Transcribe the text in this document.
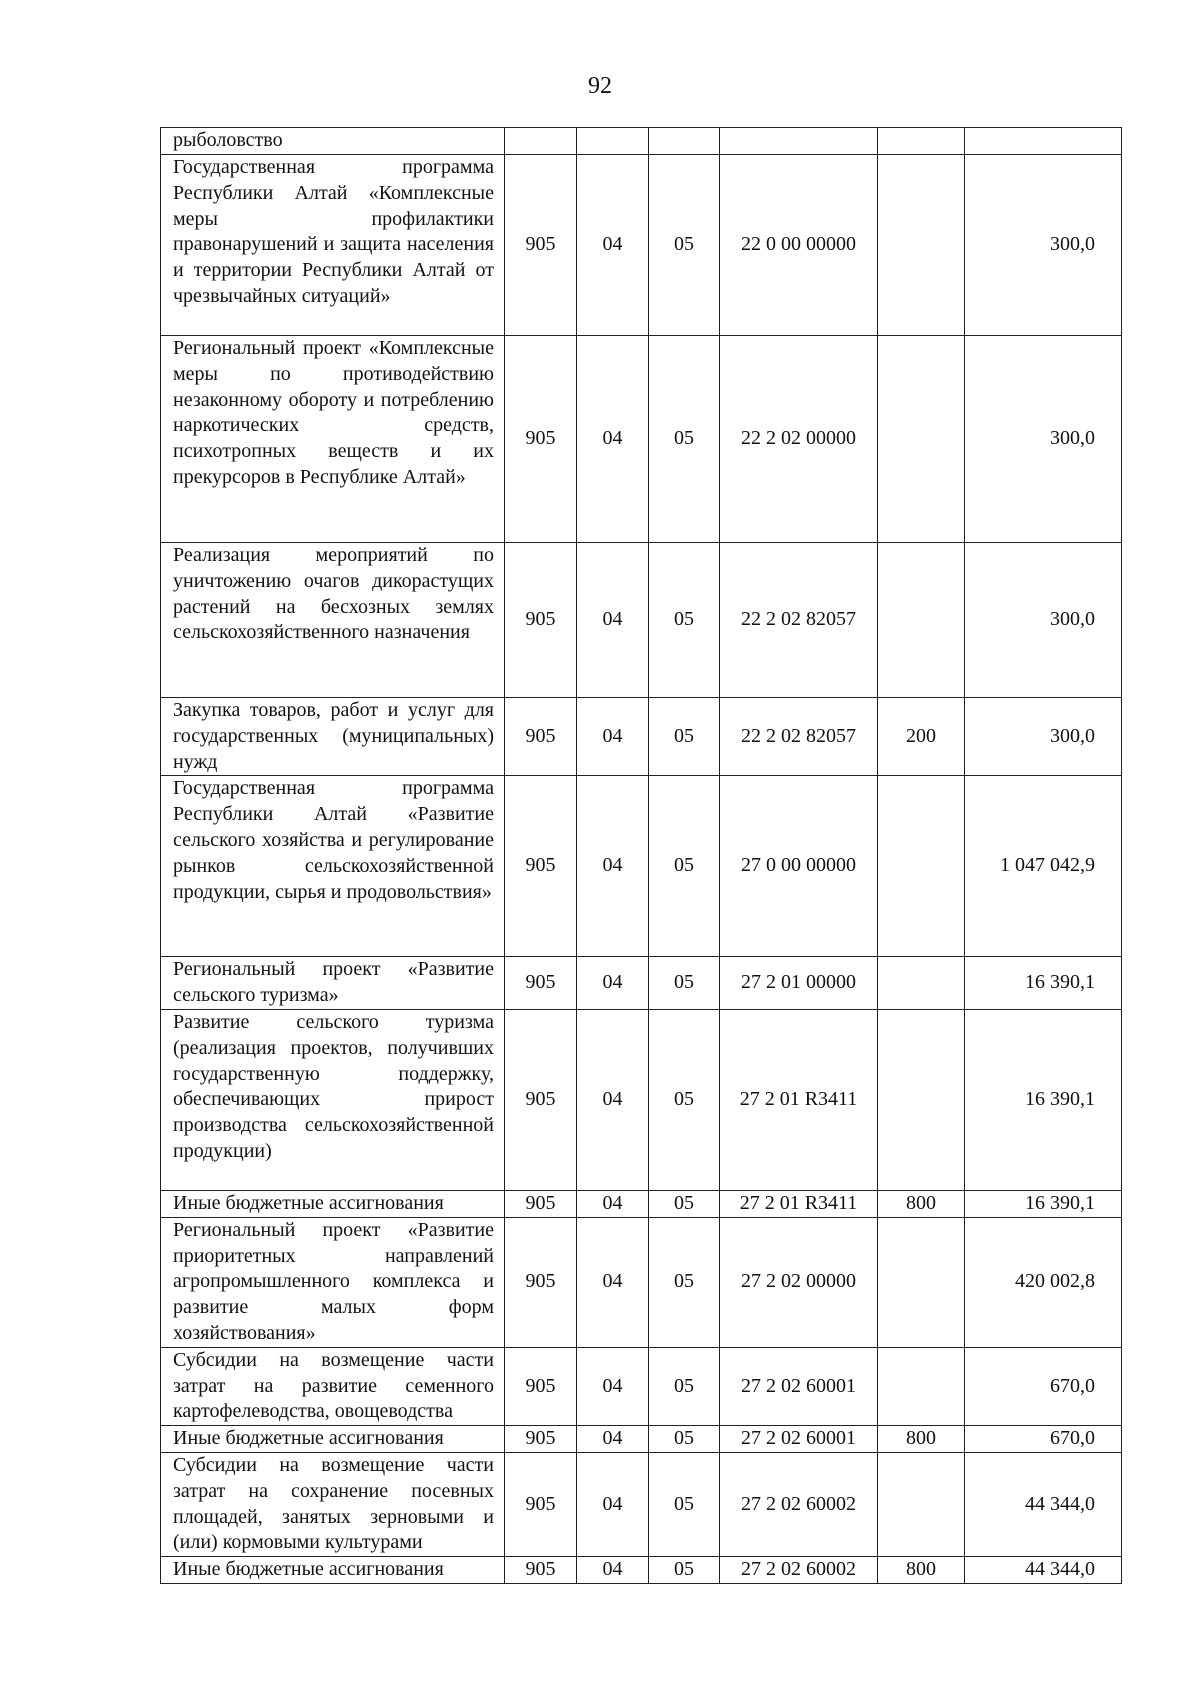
92
рыболовство						
Государственная программа Республики Алтай «Комплексные меры профилактики правонарушений и защита населения и территории Республики Алтай от чрезвычайных ситуаций»	905	04	05	22 0 00 00000		300,0
Региональный проект «Комплексные меры по противодействию незаконному обороту и потреблению наркотических средств, психотропных веществ и их прекурсоров в Республике Алтай»	905	04	05	22 2 02 00000		300,0
Реализация мероприятий по уничтожению очагов дикорастущих растений на бесхозных землях сельскохозяйственного назначения	905	04	05	22 2 02 82057		300,0
Закупка товаров, работ и услуг для государственных (муниципальных) нужд	905	04	05	22 2 02 82057	200	300,0
Государственная программа Республики Алтай «Развитие сельского хозяйства и регулирование рынков сельскохозяйственной продукции, сырья и продовольствия»	905	04	05	27 0 00 00000		1 047 042,9
Региональный проект «Развитие сельского туризма»	905	04	05	27 2 01 00000		16 390,1
Развитие сельского туризма (реализация проектов, получивших государственную поддержку, обеспечивающих прирост производства сельскохозяйственной продукции)	905	04	05	27 2 01 R3411		16 390,1
Иные бюджетные ассигнования	905	04	05	27 2 01 R3411	800	16 390,1
Региональный проект «Развитие приоритетных направлений агропромышленного комплекса и развитие малых форм хозяйствования»	905	04	05	27 2 02 00000		420 002,8
Субсидии на возмещение части затрат на развитие семенного картофелеводства, овощеводства	905	04	05	27 2 02 60001		670,0
Иные бюджетные ассигнования	905	04	05	27 2 02 60001	800	670,0
Субсидии на возмещение части затрат на сохранение посевных площадей, занятых зерновыми и (или) кормовыми культурами	905	04	05	27 2 02 60002		44 344,0
Иные бюджетные ассигнования	905	04	05	27 2 02 60002	800	44 344,0
